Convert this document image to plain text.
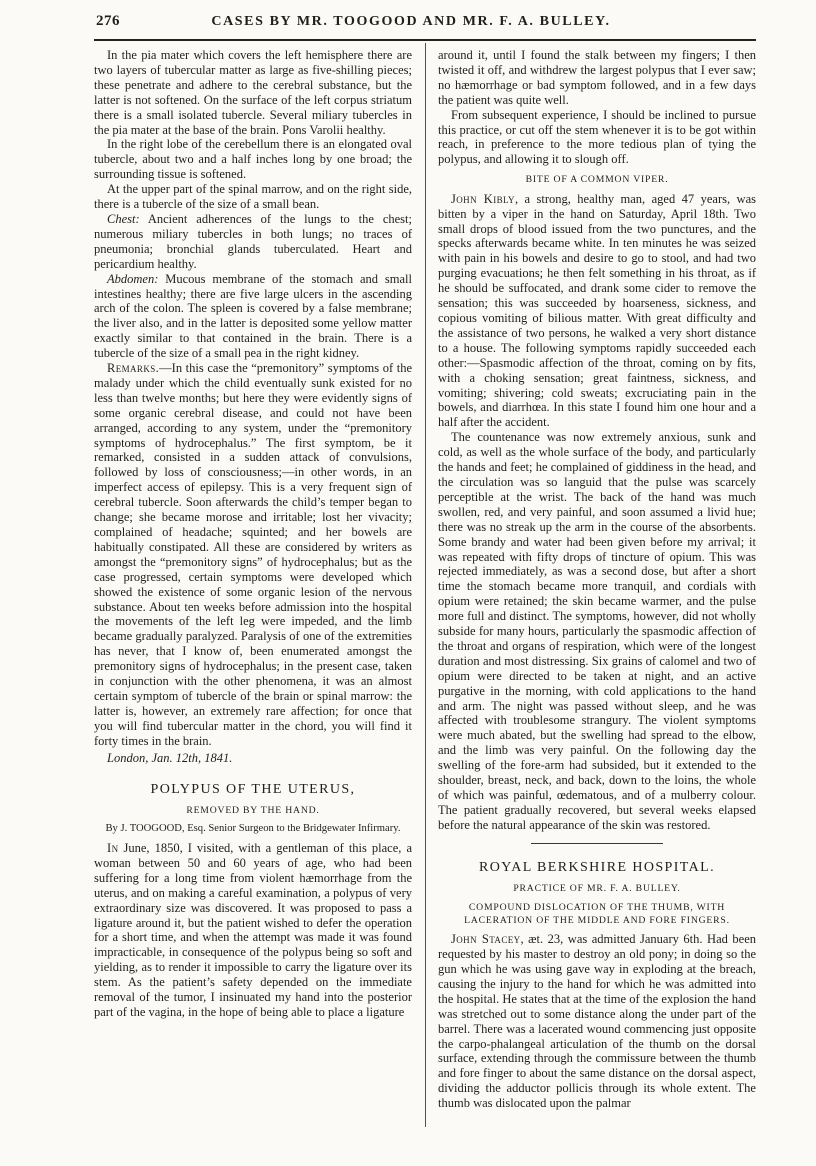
276	CASES BY MR. TOOGOOD AND MR. F. A. BULLEY.

In the pia mater which covers the left hemisphere there are two layers of tubercular matter as large as five-shilling pieces; these penetrate and adhere to the cerebral substance, but the latter is not softened. On the surface of the left corpus striatum there is a small isolated tubercle. Several miliary tubercles in the pia mater at the base of the brain. Pons Varolii healthy.

In the right lobe of the cerebellum there is an elongated oval tubercle, about two and a half inches long by one broad; the surrounding tissue is softened.

At the upper part of the spinal marrow, and on the right side, there is a tubercle of the size of a small bean.

Chest: Ancient adherences of the lungs to the chest; numerous miliary tubercles in both lungs; no traces of pneumonia; bronchial glands tuberculated. Heart and pericardium healthy.

Abdomen: Mucous membrane of the stomach and small intestines healthy; there are five large ulcers in the ascending arch of the colon. The spleen is covered by a false membrane; the liver also, and in the latter is deposited some yellow matter exactly similar to that contained in the brain. There is a tubercle of the size of a small pea in the right kidney.

Remarks.—In this case the “premonitory” symptoms of the malady under which the child eventually sunk existed for no less than twelve months; but here they were evidently signs of some organic cerebral disease, and could not have been arranged, according to any system, under the “premonitory symptoms of hydrocephalus.” The first symptom, be it remarked, consisted in a sudden attack of convulsions, followed by loss of consciousness;—in other words, in an imperfect access of epilepsy. This is a very frequent sign of cerebral tubercle. Soon afterwards the child’s temper began to change; she became morose and irritable; lost her vivacity; complained of headache; squinted; and her bowels are habitually constipated. All these are considered by writers as amongst the “premonitory signs” of hydrocephalus; but as the case progressed, certain symptoms were developed which showed the existence of some organic lesion of the nervous substance. About ten weeks before admission into the hospital the movements of the left leg were impeded, and the limb became gradually paralyzed. Paralysis of one of the extremities has never, that I know of, been enumerated amongst the premonitory signs of hydrocephalus; in the present case, taken in conjunction with the other phenomena, it was an almost certain symptom of tubercle of the brain or spinal marrow: the latter is, however, an extremely rare affection; for once that you will find tubercular matter in the chord, you will find it forty times in the brain.

London, Jan. 12th, 1841.

POLYPUS OF THE UTERUS,

REMOVED BY THE HAND.

By J. TOOGOOD, Esq. Senior Surgeon to the Bridgewater Infirmary.

In June, 1850, I visited, with a gentleman of this place, a woman between 50 and 60 years of age, who had been suffering for a long time from violent hæmorrhage from the uterus, and on making a careful examination, a polypus of very extraordinary size was discovered. It was proposed to pass a ligature around it, but the patient wished to defer the operation for a short time, and when the attempt was made it was found impracticable, in consequence of the polypus being so soft and yielding, as to render it impossible to carry the ligature over its stem. As the patient’s safety depended on the immediate removal of the tumor, I insinuated my hand into the posterior part of the vagina, in the hope of being able to place a ligature

around it, until I found the stalk between my fingers; I then twisted it off, and withdrew the largest polypus that I ever saw; no hæmorrhage or bad symptom followed, and in a few days the patient was quite well.

From subsequent experience, I should be inclined to pursue this practice, or cut off the stem whenever it is to be got within reach, in preference to the more tedious plan of tying the polypus, and allowing it to slough off.

BITE OF A COMMON VIPER.

John Kibly, a strong, healthy man, aged 47 years, was bitten by a viper in the hand on Saturday, April 18th. Two small drops of blood issued from the two punctures, and the specks afterwards became white. In ten minutes he was seized with pain in his bowels and desire to go to stool, and had two purging evacuations; he then felt something in his throat, as if he should be suffocated, and drank some cider to remove the sensation; this was succeeded by hoarseness, sickness, and copious vomiting of bilious matter. With great difficulty and the assistance of two persons, he walked a very short distance to a house. The following symptoms rapidly succeeded each other:—Spasmodic affection of the throat, coming on by fits, with a choking sensation; great faintness, sickness, and vomiting; shivering; cold sweats; excruciating pain in the bowels, and diarrhœa. In this state I found him one hour and a half after the accident.

The countenance was now extremely anxious, sunk and cold, as well as the whole surface of the body, and particularly the hands and feet; he complained of giddiness in the head, and the circulation was so languid that the pulse was scarcely perceptible at the wrist. The back of the hand was much swollen, red, and very painful, and soon assumed a livid hue; there was no streak up the arm in the course of the absorbents. Some brandy and water had been given before my arrival; it was repeated with fifty drops of tincture of opium. This was rejected immediately, as was a second dose, but after a short time the stomach became more tranquil, and cordials with opium were retained; the skin became warmer, and the pulse more full and distinct. The symptoms, however, did not wholly subside for many hours, particularly the spasmodic affection of the throat and organs of respiration, which were of the longest duration and most distressing. Six grains of calomel and two of opium were directed to be taken at night, and an active purgative in the morning, with cold applications to the hand and arm. The night was passed without sleep, and he was affected with troublesome strangury. The violent symptoms were much abated, but the swelling had spread to the elbow, and the limb was very painful. On the following day the swelling of the fore-arm had subsided, but it extended to the shoulder, breast, neck, and back, down to the loins, the whole of which was painful, œdematous, and of a mulberry colour. The patient gradually recovered, but several weeks elapsed before the natural appearance of the skin was restored.

ROYAL BERKSHIRE HOSPITAL.

PRACTICE OF MR. F. A. BULLEY.

COMPOUND DISLOCATION OF THE THUMB, WITH LACERATION OF THE MIDDLE AND FORE FINGERS.

John Stacey, æt. 23, was admitted January 6th. Had been requested by his master to destroy an old pony; in doing so the gun which he was using gave way in exploding at the breach, causing the injury to the hand for which he was admitted into the hospital. He states that at the time of the explosion the hand was stretched out to some distance along the under part of the barrel. There was a lacerated wound commencing just opposite the carpo-phalangeal articulation of the thumb on the dorsal surface, extending through the commissure between the thumb and fore finger to about the same distance on the dorsal aspect, dividing the adductor pollicis through its whole extent. The thumb was dislocated upon the palmar
